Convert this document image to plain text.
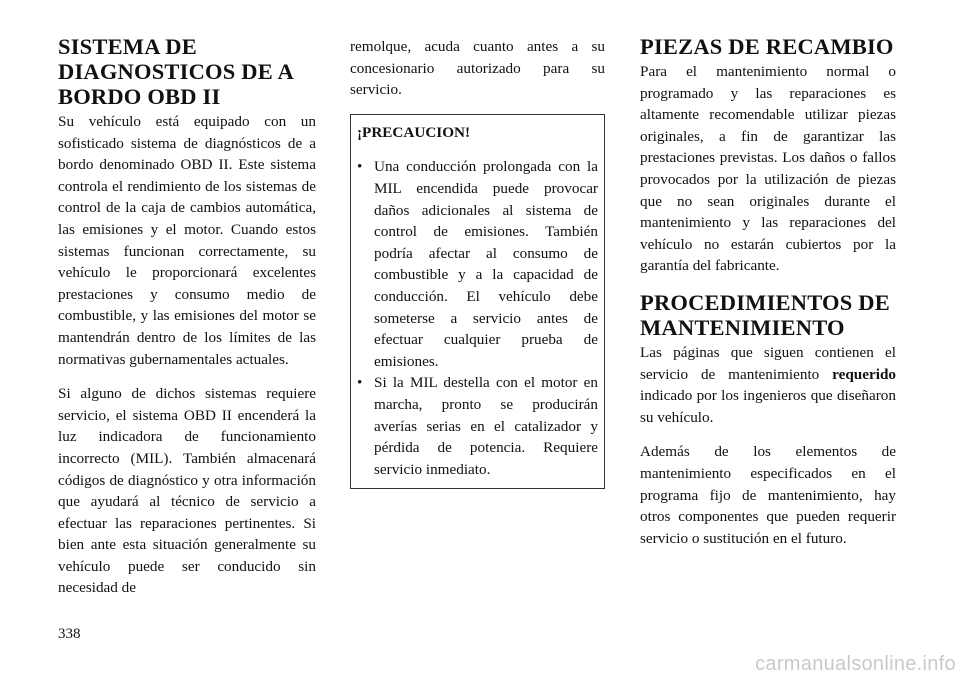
SISTEMA DE DIAGNOSTICOS DE A BORDO OBD II

Su vehículo está equipado con un sofisticado sistema de diagnósticos de a bordo denominado OBD II. Este sistema controla el rendimiento de los sistemas de control de la caja de cambios automática, las emisiones y el motor. Cuando estos sistemas funcionan correctamente, su vehículo le proporcionará excelentes prestaciones y consumo medio de combustible, y las emisiones del motor se mantendrán dentro de los límites de las normativas gubernamentales actuales.

Si alguno de dichos sistemas requiere servicio, el sistema OBD II encenderá la luz indicadora de funcionamiento incorrecto (MIL). También almacenará códigos de diagnóstico y otra información que ayudará al técnico de servicio a efectuar las reparaciones pertinentes. Si bien ante esta situación generalmente su vehículo puede ser conducido sin necesidad de

remolque, acuda cuanto antes a su concesionario autorizado para su servicio.

¡PRECAUCION!

• Una conducción prolongada con la MIL encendida puede provocar daños adicionales al sistema de control de emisiones. También podría afectar al consumo de combustible y a la capacidad de conducción. El vehículo debe someterse a servicio antes de efectuar cualquier prueba de emisiones.
• Si la MIL destella con el motor en marcha, pronto se producirán averías serias en el catalizador y pérdida de potencia. Requiere servicio inmediato.
PIEZAS DE RECAMBIO

Para el mantenimiento normal o programado y las reparaciones es altamente recomendable utilizar piezas originales, a fin de garantizar las prestaciones previstas. Los daños o fallos provocados por la utilización de piezas que no sean originales durante el mantenimiento y las reparaciones del vehículo no estarán cubiertos por la garantía del fabricante.

PROCEDIMIENTOS DE MANTENIMIENTO

Las páginas que siguen contienen el servicio de mantenimiento requerido indicado por los ingenieros que diseñaron su vehículo.

Además de los elementos de mantenimiento especificados en el programa fijo de mantenimiento, hay otros componentes que pueden requerir servicio o sustitución en el futuro.

338
carmanualsonline.info
